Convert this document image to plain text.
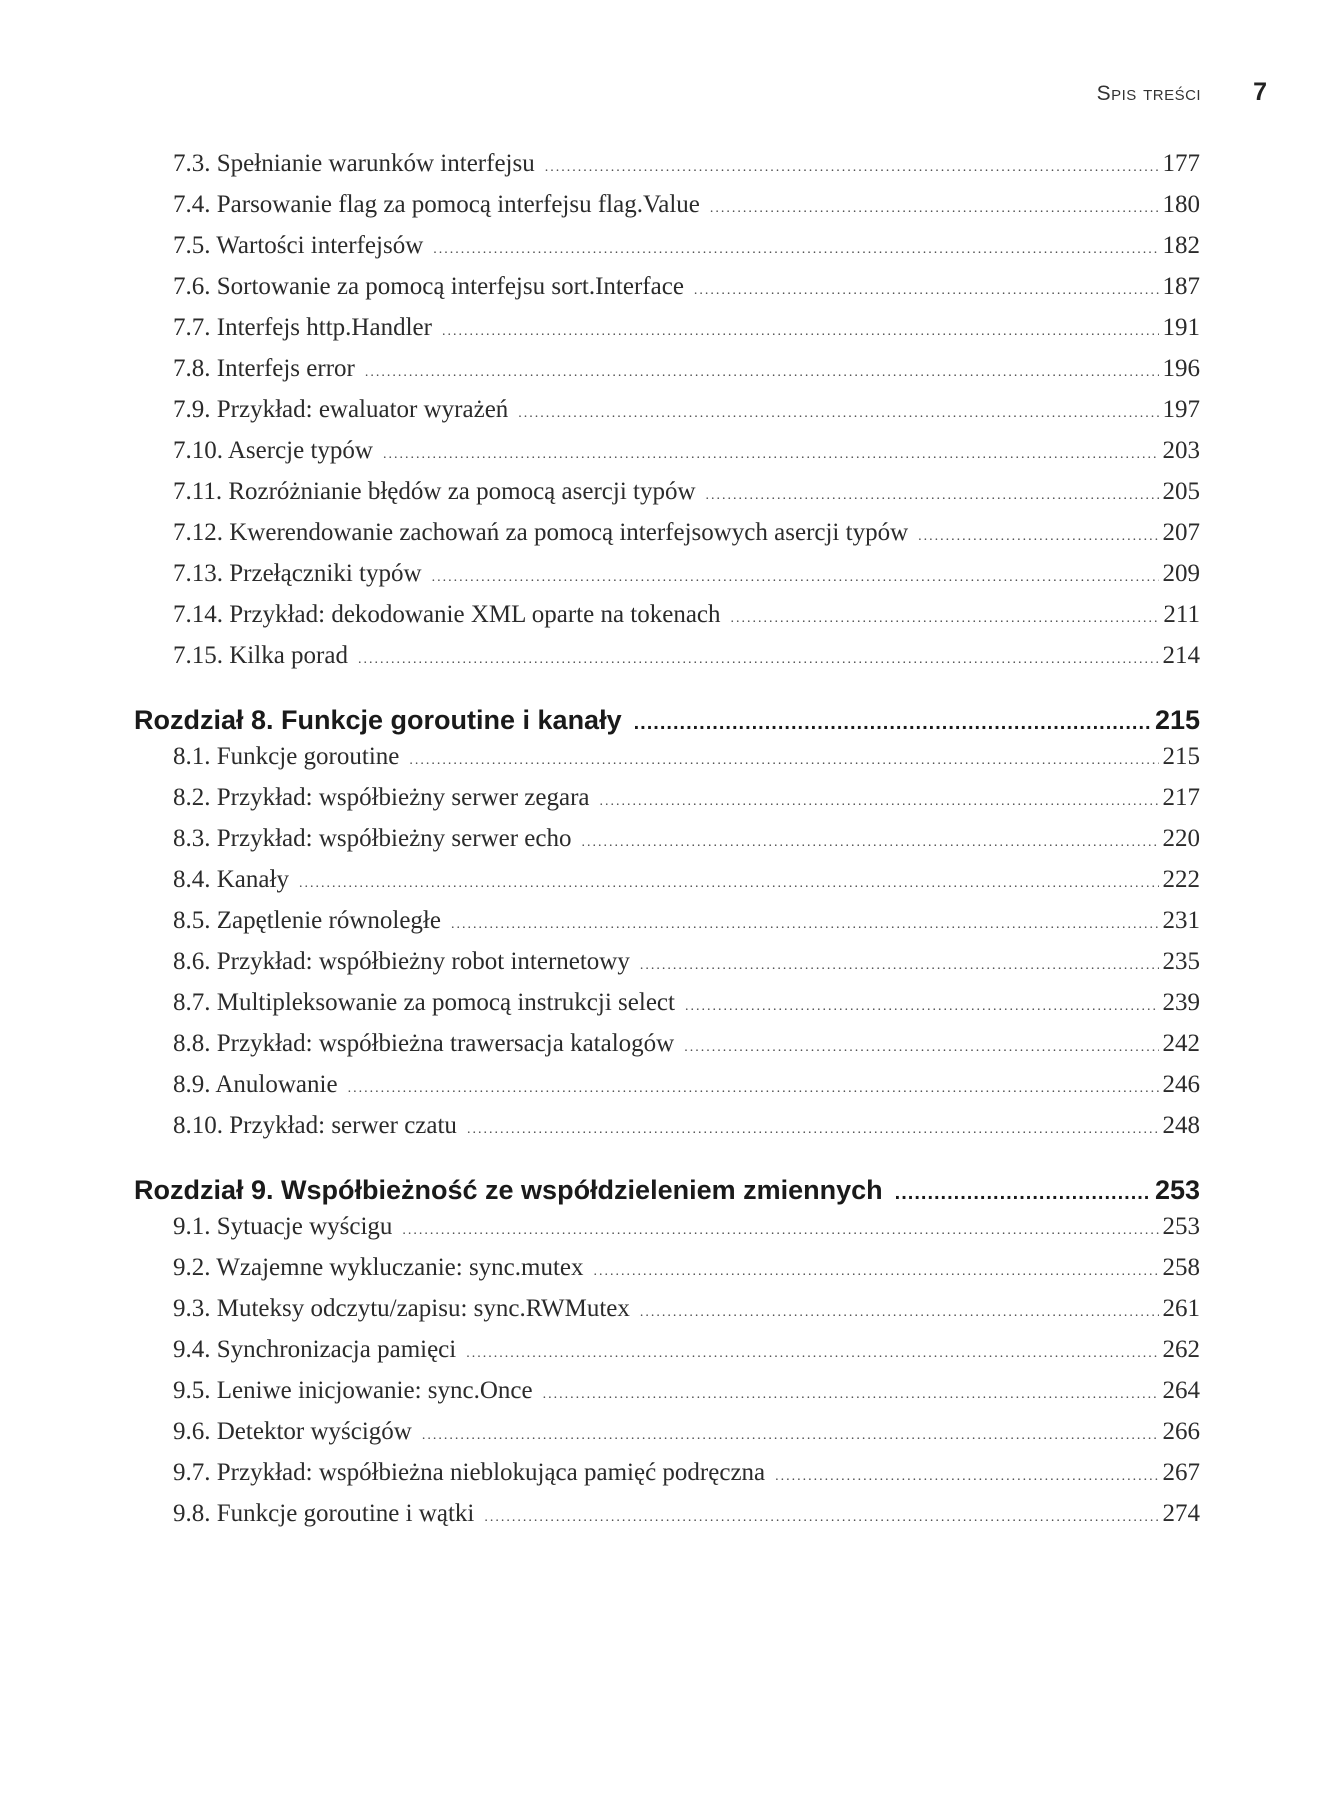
Spis treści 7
7.3. Spełnianie warunków interfejsu .....	177
7.4. Parsowanie flag za pomocą interfejsu flag.Value .....	180
7.5. Wartości interfejsów .....	182
7.6. Sortowanie za pomocą interfejsu sort.Interface .....	187
7.7. Interfejs http.Handler .....	191
7.8. Interfejs error .....	196
7.9. Przykład: ewaluator wyrażeń .....	197
7.10. Asercje typów .....	203
7.11. Rozróżnianie błędów za pomocą asercji typów .....	205
7.12. Kwerendowanie zachowań za pomocą interfejsowych asercji typów .....	207
7.13. Przełączniki typów .....	209
7.14. Przykład: dekodowanie XML oparte na tokenach .....	211
7.15. Kilka porad .....	214
Rozdział 8. Funkcje goroutine i kanały .....	215
8.1. Funkcje goroutine .....	215
8.2. Przykład: współbieżny serwer zegara .....	217
8.3. Przykład: współbieżny serwer echo .....	220
8.4. Kanały .....	222
8.5. Zapętlenie równoległe .....	231
8.6. Przykład: współbieżny robot internetowy .....	235
8.7. Multipleksowanie za pomocą instrukcji select .....	239
8.8. Przykład: współbieżna trawersacja katalogów .....	242
8.9. Anulowanie .....	246
8.10. Przykład: serwer czatu .....	248
Rozdział 9. Współbieżność ze współdzieleniem zmiennych .....	253
9.1. Sytuacje wyścigu .....	253
9.2. Wzajemne wykluczanie: sync.mutex .....	258
9.3. Muteksy odczytu/zapisu: sync.RWMutex .....	261
9.4. Synchronizacja pamięci .....	262
9.5. Leniwe inicjowanie: sync.Once .....	264
9.6. Detektor wyścigów .....	266
9.7. Przykład: współbieżna nieblokująca pamięć podręczna .....	267
9.8. Funkcje goroutine i wątki .....	274
